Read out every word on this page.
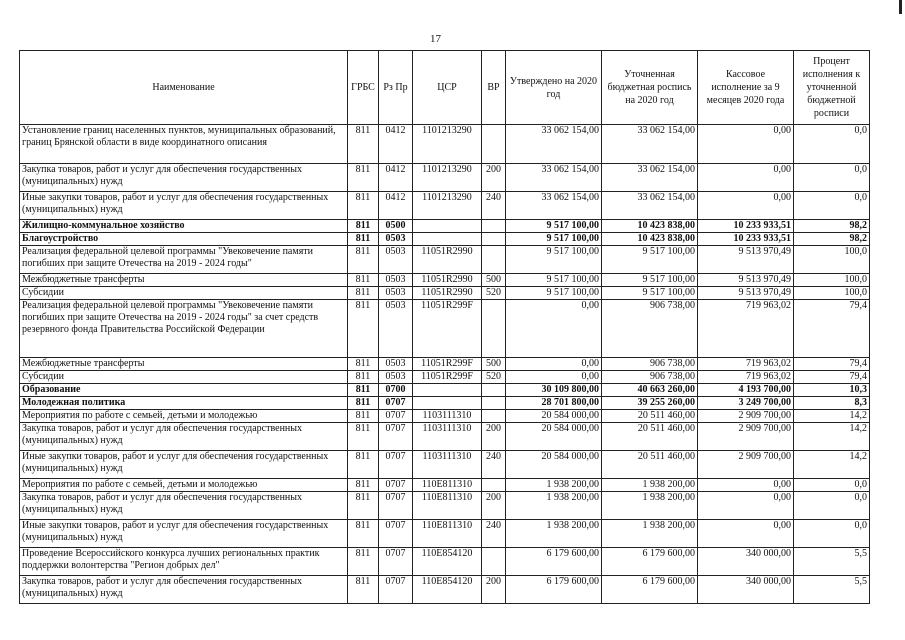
17
Наименование	ГРБС	Рз Пр	ЦСР	ВР	Утверждено на 2020 год	Уточненная бюджетная роспись на 2020 год	Кассовое исполнение за 9 месяцев 2020 года	Процент исполнения к уточненной бюджетной росписи
Установление границ населенных пунктов, муниципальных образований, границ Брянской области в виде координатного описания	811	0412	1101213290		33 062 154,00	33 062 154,00	0,00	0,0
Закупка товаров, работ и услуг для обеспечения государственных (муниципальных) нужд	811	0412	1101213290	200	33 062 154,00	33 062 154,00	0,00	0,0
Иные закупки товаров, работ и услуг для обеспечения государственных (муниципальных) нужд	811	0412	1101213290	240	33 062 154,00	33 062 154,00	0,00	0,0
Жилищно-коммунальное хозяйство	811	0500			9 517 100,00	10 423 838,00	10 233 933,51	98,2
Благоустройство	811	0503			9 517 100,00	10 423 838,00	10 233 933,51	98,2
Реализация федеральной целевой программы "Увековечение памяти погибших при защите Отечества на 2019 - 2024 годы"	811	0503	11051R2990		9 517 100,00	9 517 100,00	9 513 970,49	100,0
Межбюджетные трансферты	811	0503	11051R2990	500	9 517 100,00	9 517 100,00	9 513 970,49	100,0
Субсидии	811	0503	11051R2990	520	9 517 100,00	9 517 100,00	9 513 970,49	100,0
Реализация федеральной целевой программы "Увековечение памяти погибших при защите Отечества на 2019 - 2024 годы" за счет средств резервного фонда Правительства Российской Федерации	811	0503	11051R299F		0,00	906 738,00	719 963,02	79,4
Межбюджетные трансферты	811	0503	11051R299F	500	0,00	906 738,00	719 963,02	79,4
Субсидии	811	0503	11051R299F	520	0,00	906 738,00	719 963,02	79,4
Образование	811	0700			30 109 800,00	40 663 260,00	4 193 700,00	10,3
Молодежная политика	811	0707			28 701 800,00	39 255 260,00	3 249 700,00	8,3
Мероприятия по работе с семьей, детьми и молодежью	811	0707	1103111310		20 584 000,00	20 511 460,00	2 909 700,00	14,2
Закупка товаров, работ и услуг для обеспечения государственных (муниципальных) нужд	811	0707	1103111310	200	20 584 000,00	20 511 460,00	2 909 700,00	14,2
Иные закупки товаров, работ и услуг для обеспечения государственных (муниципальных) нужд	811	0707	1103111310	240	20 584 000,00	20 511 460,00	2 909 700,00	14,2
Мероприятия по работе с семьей, детьми и молодежью	811	0707	110E811310		1 938 200,00	1 938 200,00	0,00	0,0
Закупка товаров, работ и услуг для обеспечения государственных (муниципальных) нужд	811	0707	110E811310	200	1 938 200,00	1 938 200,00	0,00	0,0
Иные закупки товаров, работ и услуг для обеспечения государственных (муниципальных) нужд	811	0707	110E811310	240	1 938 200,00	1 938 200,00	0,00	0,0
Проведение Всероссийского конкурса лучших региональных практик поддержки волонтерства "Регион добрых дел"	811	0707	110E854120		6 179 600,00	6 179 600,00	340 000,00	5,5
Закупка товаров, работ и услуг для обеспечения государственных (муниципальных) нужд	811	0707	110E854120	200	6 179 600,00	6 179 600,00	340 000,00	5,5
